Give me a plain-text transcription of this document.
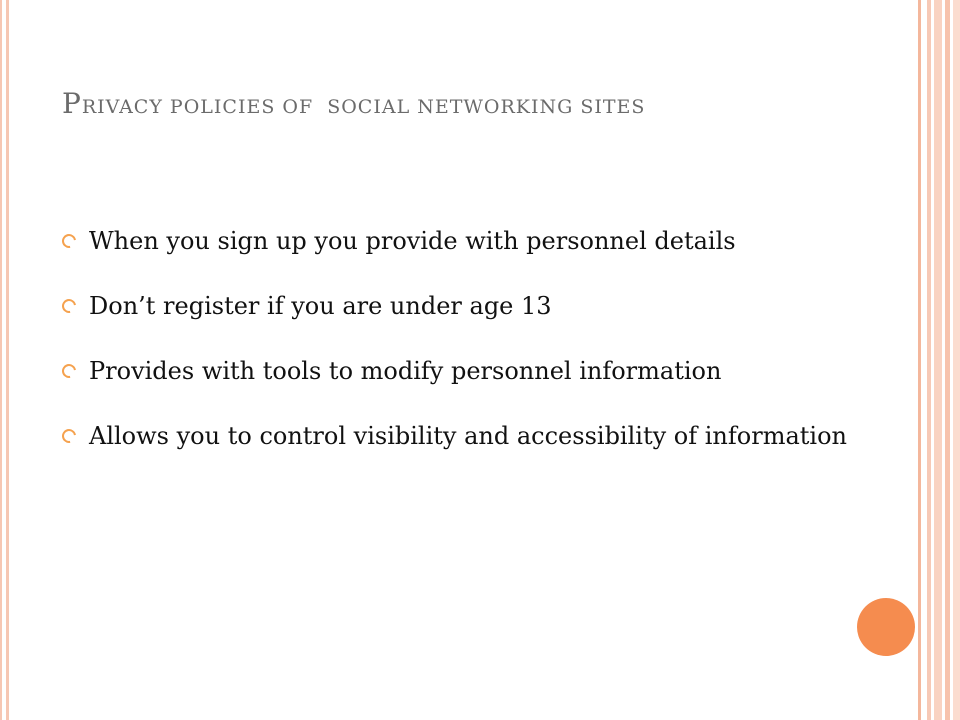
PRIVACY POLICIES OF  SOCIAL NETWORKING SITES
When you sign up you provide with personnel details
Don’t register if you are under age 13
Provides with tools to modify personnel information
Allows you to control visibility and accessibility of information
